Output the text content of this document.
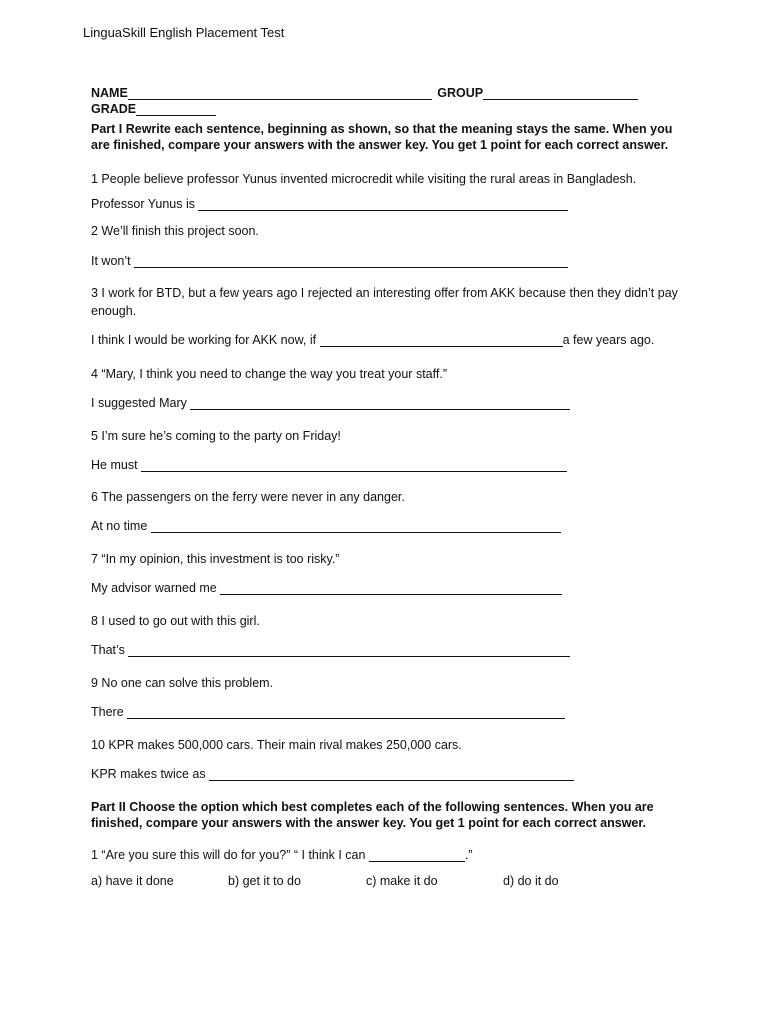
LinguaSkill English Placement Test
NAME	GROUP
GRADE
Part I Rewrite each sentence, beginning as shown, so that the meaning stays the same. When you are finished, compare your answers with the answer key. You get 1 point for each correct answer.
1 People believe professor Yunus invented microcredit while visiting the rural areas in Bangladesh.
Professor Yunus is
2 We’ll finish this project soon.
It won’t
3 I work for BTD, but a few years ago I rejected an interesting offer from AKK because then they didn’t pay enough.
I think I would be working for AKK now, if	a few years ago.
4 “Mary, I think you need to change the way you treat your staff.”
I suggested Mary
5 I’m sure he’s coming to the party on Friday!
He must
6 The passengers on the ferry were never in any danger.
At no time
7 “In my opinion, this investment is too risky.”
My advisor warned me
8 I used to go out with this girl.
That’s
9 No one can solve this problem.
There
10 KPR makes 500,000 cars. Their main rival makes 250,000 cars.
KPR makes twice as
Part II Choose the option which best completes each of the following sentences. When you are finished, compare your answers with the answer key. You get 1 point for each correct answer.
1 “Are you sure this will do for you?” “ I think I can	.”
a) have it done	b) get it to do	c) make it do	d) do it do
